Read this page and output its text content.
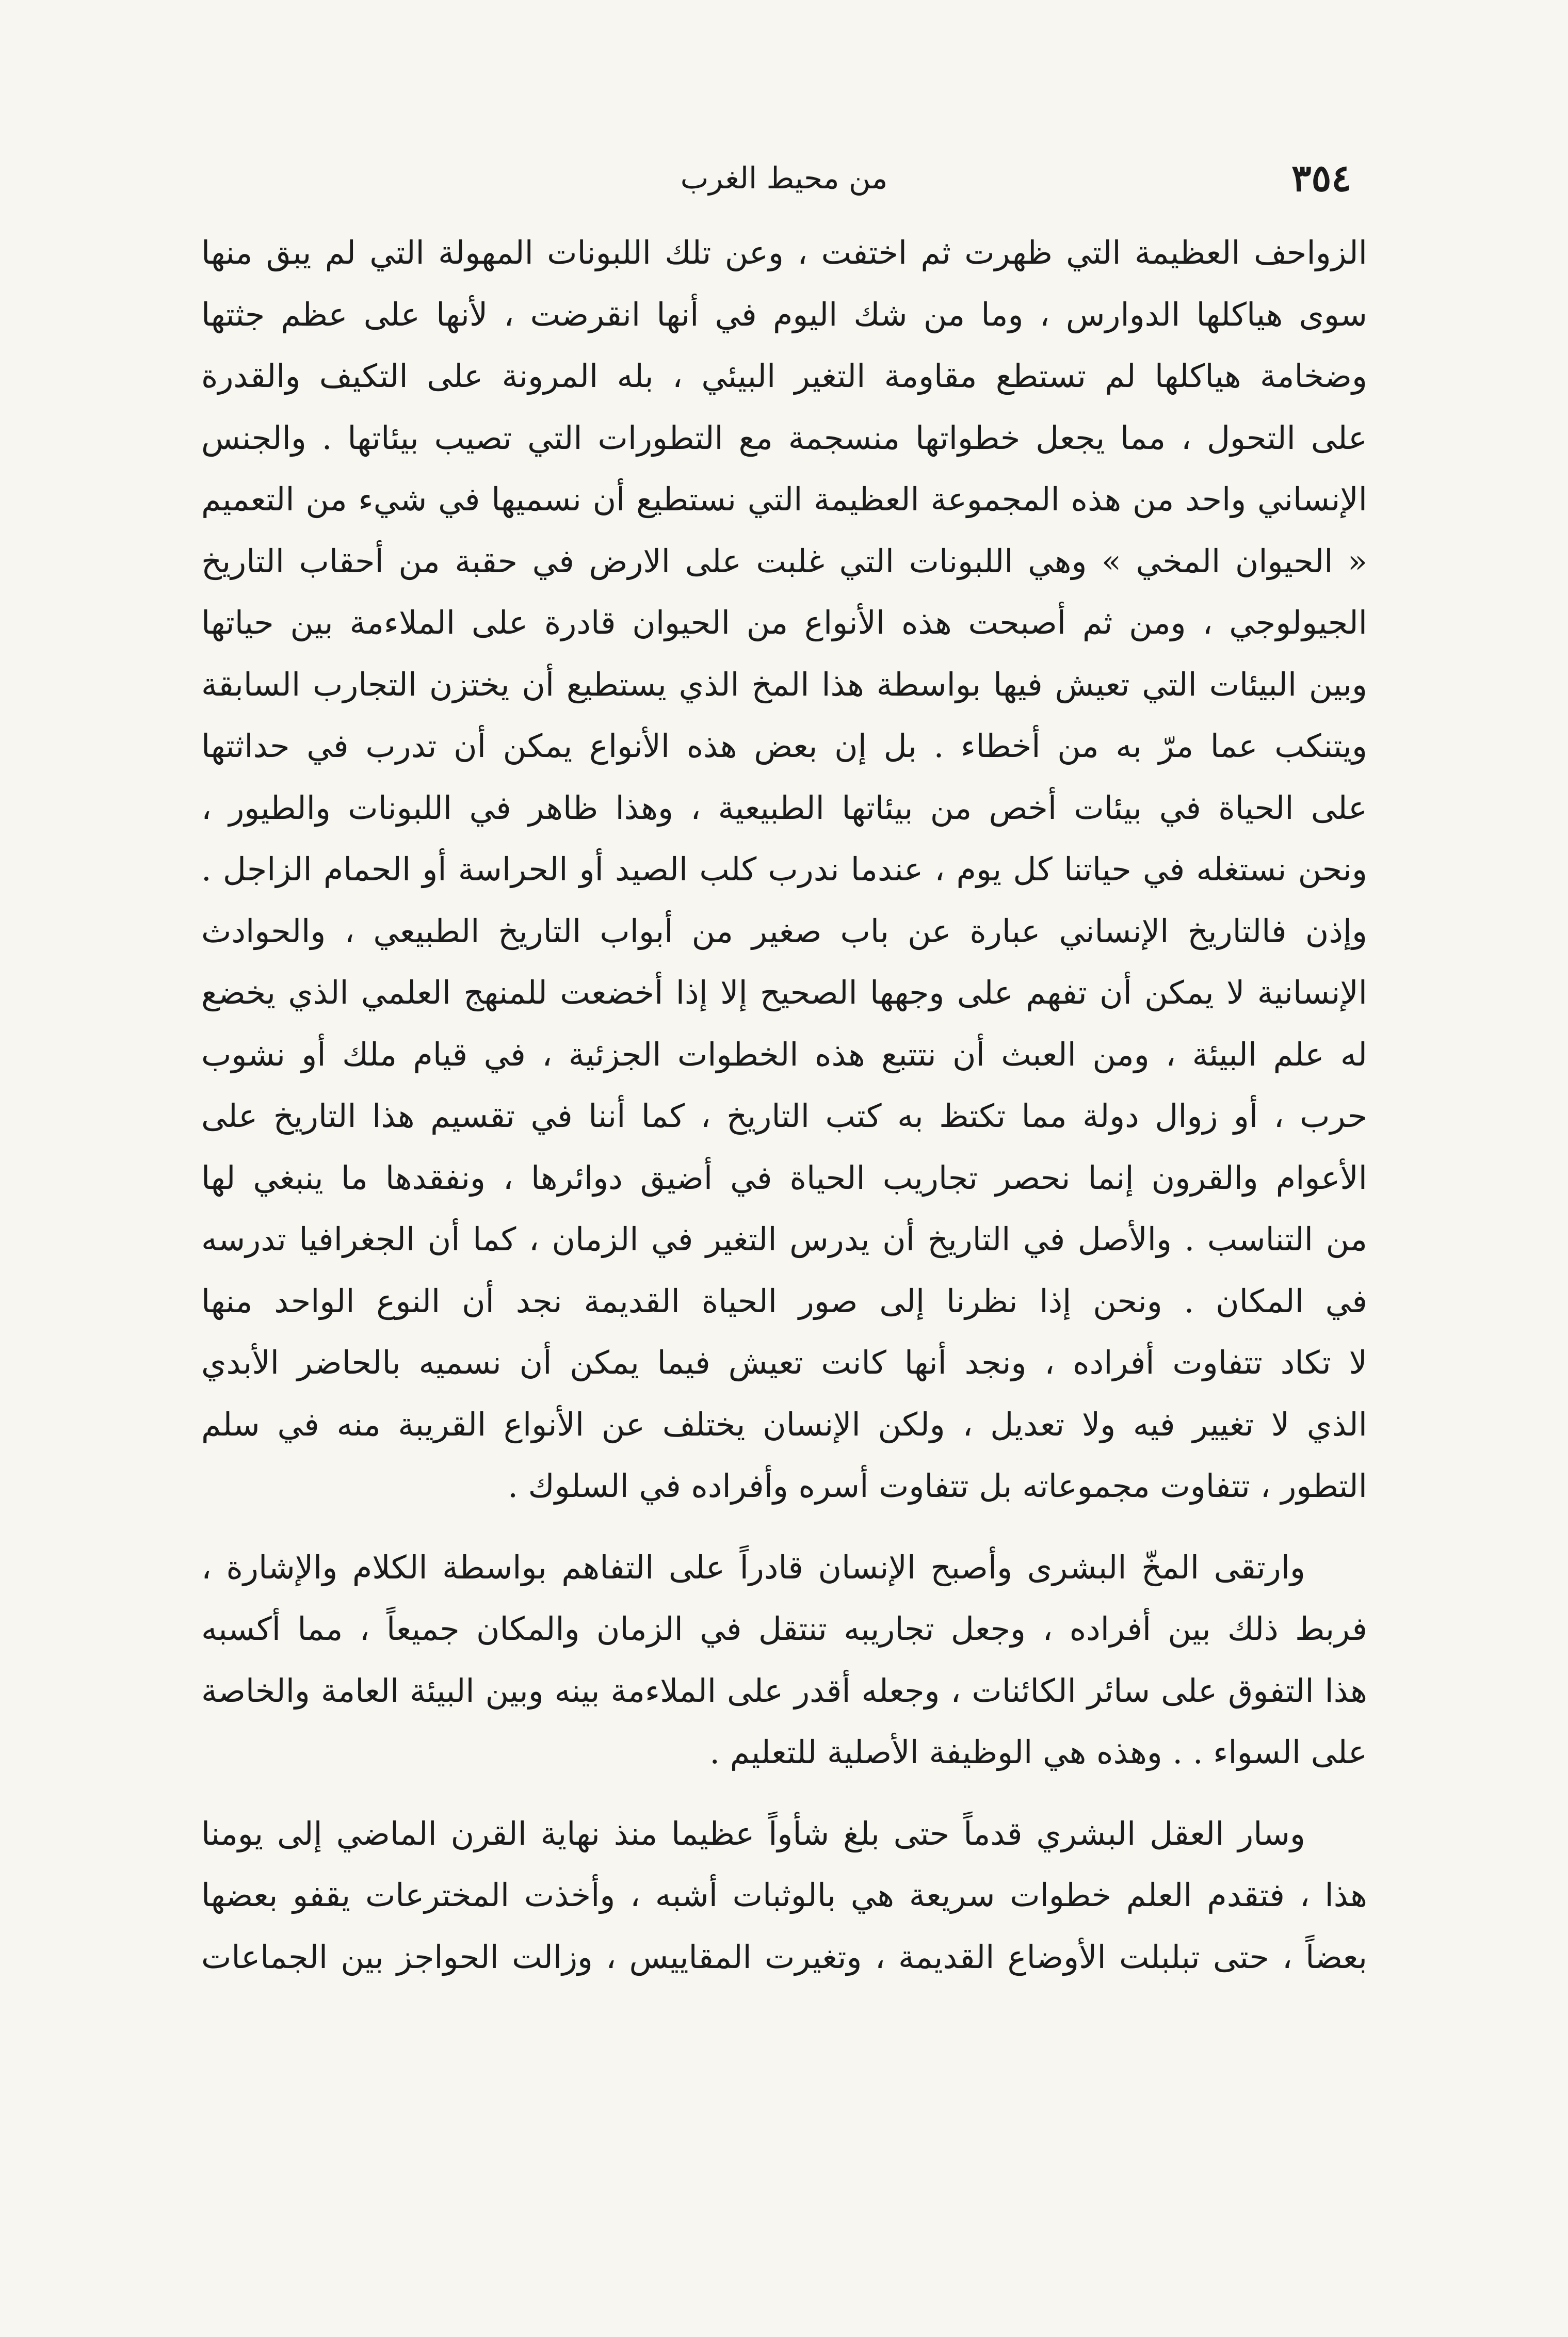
٣٥٤
من محيط الغرب
الزواحف العظيمة التي ظهرت ثم اختفت ، وعن تلك اللبونات المهولة التي لم يبق منها
سوى هياكلها الدوارس ، وما من شك اليوم في أنها انقرضت ، لأنها على عظم جثتها
وضخامة هياكلها لم تستطع مقاومة التغير البيئي ، بله المرونة على التكيف والقدرة
على التحول ، مما يجعل خطواتها منسجمة مع التطورات التي تصيب بيئاتها . والجنس
الإنساني واحد من هذه المجموعة العظيمة التي نستطيع أن نسميها في شيء من التعميم
« الحيوان المخي » وهي اللبونات التي غلبت على الارض في حقبة من أحقاب التاريخ
الجيولوجي ، ومن ثم أصبحت هذه الأنواع من الحيوان قادرة على الملاءمة بين حياتها
وبين البيئات التي تعيش فيها بواسطة هذا المخ الذي يستطيع أن يختزن التجارب السابقة
ويتنكب عما مرّ به من أخطاء . بل إن بعض هذه الأنواع يمكن أن تدرب في حداثتها
على الحياة في بيئات أخص من بيئاتها الطبيعية ، وهذا ظاهر في اللبونات والطيور ،
ونحن نستغله في حياتنا كل يوم ، عندما ندرب كلب الصيد أو الحراسة أو الحمام الزاجل .
وإذن فالتاريخ الإنساني عبارة عن باب صغير من أبواب التاريخ الطبيعي ، والحوادث
الإنسانية لا يمكن أن تفهم على وجهها الصحيح إلا إذا أخضعت للمنهج العلمي الذي يخضع
له علم البيئة ، ومن العبث أن نتتبع هذه الخطوات الجزئية ، في قيام ملك أو نشوب
حرب ، أو زوال دولة مما تكتظ به كتب التاريخ ، كما أننا في تقسيم هذا التاريخ على
الأعوام والقرون إنما نحصر تجاريب الحياة في أضيق دوائرها ، ونفقدها ما ينبغي لها
من التناسب . والأصل في التاريخ أن يدرس التغير في الزمان ، كما أن الجغرافيا تدرسه
في المكان . ونحن إذا نظرنا إلى صور الحياة القديمة نجد أن النوع الواحد منها
لا تكاد تتفاوت أفراده ، ونجد أنها كانت تعيش فيما يمكن أن نسميه بالحاضر الأبدي
الذي لا تغيير فيه ولا تعديل ، ولكن الإنسان يختلف عن الأنواع القريبة منه في سلم
التطور ، تتفاوت مجموعاته بل تتفاوت أسره وأفراده في السلوك .
وارتقى المخّ البشرى وأصبح الإنسان قادراً على التفاهم بواسطة الكلام والإشارة ،
فربط ذلك بين أفراده ، وجعل تجاريبه تنتقل في الزمان والمكان جميعاً ، مما أكسبه
هذا التفوق على سائر الكائنات ، وجعله أقدر على الملاءمة بينه وبين البيئة العامة والخاصة
على السواء . . وهذه هي الوظيفة الأصلية للتعليم .
وسار العقل البشري قدماً حتى بلغ شأواً عظيما منذ نهاية القرن الماضي إلى يومنا
هذا ، فتقدم العلم خطوات سريعة هي بالوثبات أشبه ، وأخذت المخترعات يقفو بعضها
بعضاً ، حتى تبلبلت الأوضاع القديمة ، وتغيرت المقاييس ، وزالت الحواجز بين الجماعات
